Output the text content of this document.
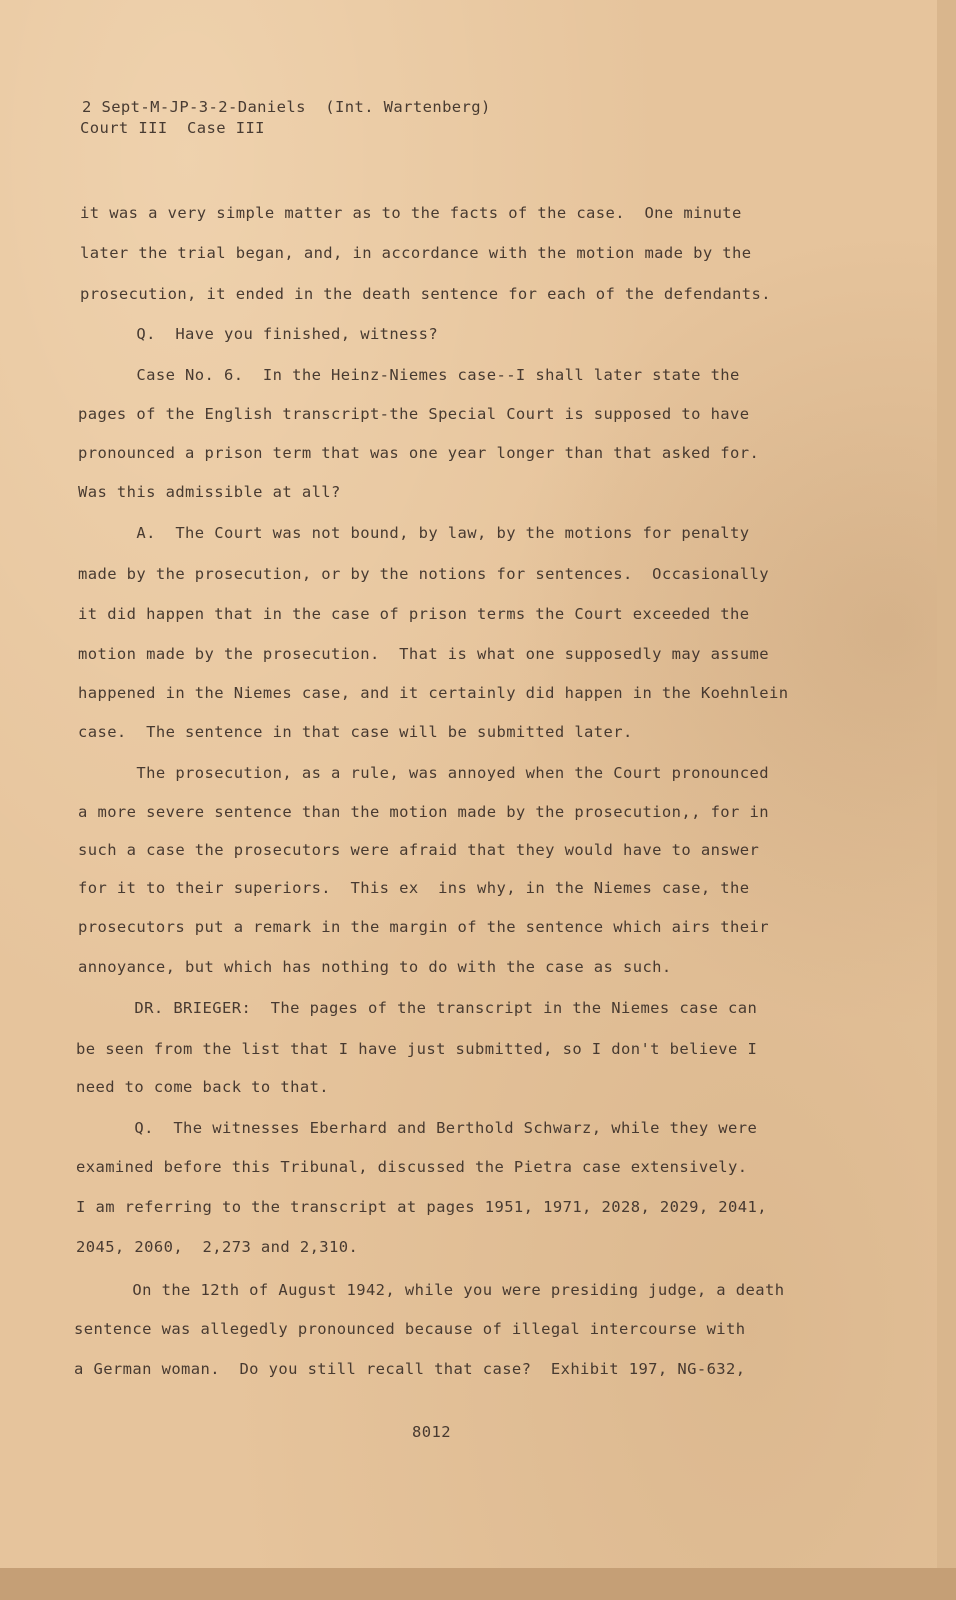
2 Sept-M-JP-3-2-Daniels  (Int. Wartenberg)
Court III  Case III
it was a very simple matter as to the facts of the case.  One minute
later the trial began, and, in accordance with the motion made by the
prosecution, it ended in the death sentence for each of the defendants.
Q.  Have you finished, witness?
Case No. 6.  In the Heinz-Niemes case--I shall later state the
pages of the English transcript-the Special Court is supposed to have
pronounced a prison term that was one year longer than that asked for.
Was this admissible at all?
A.  The Court was not bound, by law, by the motions for penalty
made by the prosecution, or by the notions for sentences.  Occasionally
it did happen that in the case of prison terms the Court exceeded the
motion made by the prosecution.  That is what one supposedly may assume
happened in the Niemes case, and it certainly did happen in the Koehnlein
case.  The sentence in that case will be submitted later.
The prosecution, as a rule, was annoyed when the Court pronounced
a more severe sentence than the motion made by the prosecution,, for in
such a case the prosecutors were afraid that they would have to answer
for it to their superiors.  This ex  ins why, in the Niemes case, the
prosecutors put a remark in the margin of the sentence which airs their
annoyance, but which has nothing to do with the case as such.
DR. BRIEGER:  The pages of the transcript in the Niemes case can
be seen from the list that I have just submitted, so I don't believe I
need to come back to that.
Q.  The witnesses Eberhard and Berthold Schwarz, while they were
examined before this Tribunal, discussed the Pietra case extensively.
I am referring to the transcript at pages 1951, 1971, 2028, 2029, 2041,
2045, 2060,  2,273 and 2,310.
On the 12th of August 1942, while you were presiding judge, a death
sentence was allegedly pronounced because of illegal intercourse with
a German woman.  Do you still recall that case?  Exhibit 197, NG-632,
8012
